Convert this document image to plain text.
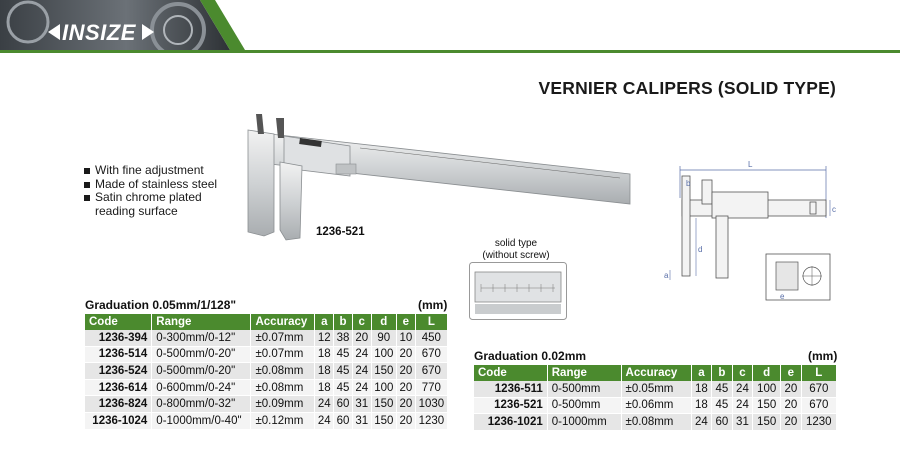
INSIZE
VERNIER CALIPERS (SOLID TYPE)
With fine adjustment
Made of stainless steel
Satin chrome plated reading surface
1236-521
solid type
(without screw)
L
b
c
d
a
e
Graduation 0.05mm/1/128"	(mm)
Code	Range	Accuracy	a	b	c	d	e	L
1236-394	0-300mm/0-12"	±0.07mm	12	38	20	90	10	450
1236-514	0-500mm/0-20"	±0.07mm	18	45	24	100	20	670
1236-524	0-500mm/0-20"	±0.08mm	18	45	24	150	20	670
1236-614	0-600mm/0-24"	±0.08mm	18	45	24	100	20	770
1236-824	0-800mm/0-32"	±0.09mm	24	60	31	150	20	1030
1236-1024	0-1000mm/0-40"	±0.12mm	24	60	31	150	20	1230
Graduation 0.02mm	(mm)
Code	Range	Accuracy	a	b	c	d	e	L
1236-511	0-500mm	±0.05mm	18	45	24	100	20	670
1236-521	0-500mm	±0.06mm	18	45	24	150	20	670
1236-1021	0-1000mm	±0.08mm	24	60	31	150	20	1230
